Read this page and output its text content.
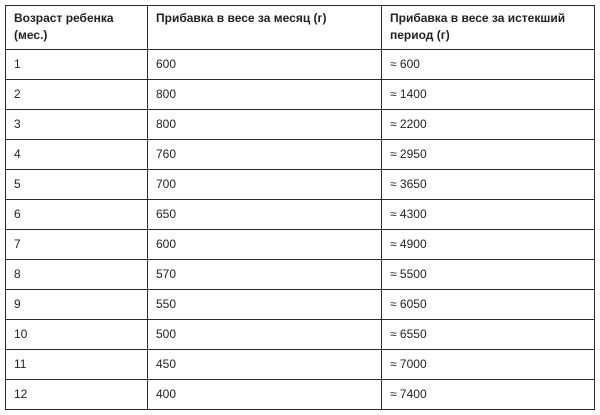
Возраст ребенка (мес.)	Прибавка в весе за месяц (г)	Прибавка в весе за истекший период (г)
1	600	≈ 600
2	800	≈ 1400
3	800	≈ 2200
4	760	≈ 2950
5	700	≈ 3650
6	650	≈ 4300
7	600	≈ 4900
8	570	≈ 5500
9	550	≈ 6050
10	500	≈ 6550
11	450	≈ 7000
12	400	≈ 7400
